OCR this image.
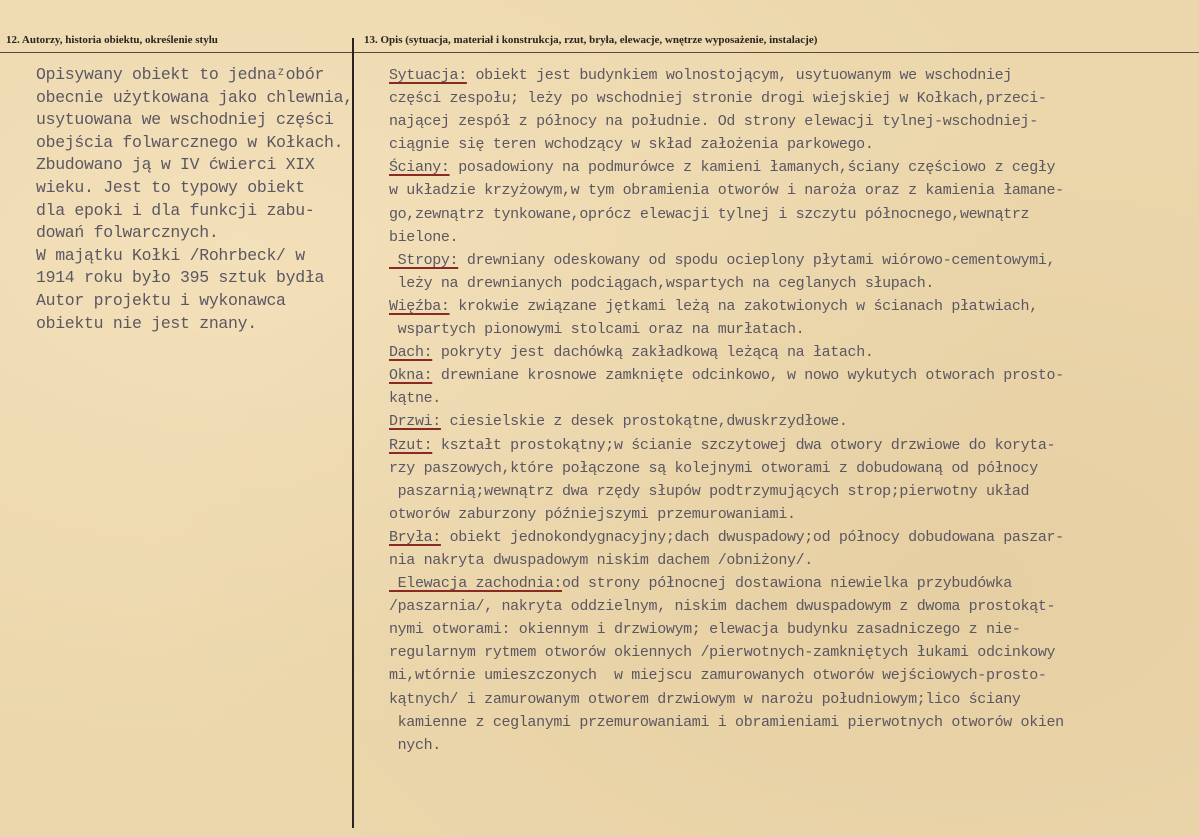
12. Autorzy, historia obiektu, określenie stylu	13. Opis (sytuacja, materiał i konstrukcja, rzut, bryła, elewacje, wnętrze wyposażenie, instalacje)
Opisywany obiekt to jednaᶻobór
obecnie użytkowana jako chlewnia,
usytuowana we wschodniej części
obejścia folwarcznego w Kołkach.
Zbudowano ją w IV ćwierci XIX
wieku. Jest to typowy obiekt
dla epoki i dla funkcji zabu-
dowań folwarcznych.
W majątku Kołki /Rohrbeck/ w
1914 roku było 395 sztuk bydła
Autor projektu i wykonawca
obiektu nie jest znany.
Sytuacja: obiekt jest budynkiem wolnostojącym, usytuowanym we wschodniej
części zespołu; leży po wschodniej stronie drogi wiejskiej w Kołkach,przeci-
nającej zespół z północy na południe. Od strony elewacji tylnej-wschodniej-
ciągnie się teren wchodzący w skład założenia parkowego.
Ściany: posadowiony na podmurówce z kamieni łamanych,ściany częściowo z cegły
w układzie krzyżowym,w tym obramienia otworów i naroża oraz z kamienia łamane-
go,zewnątrz tynkowane,oprócz elewacji tylnej i szczytu północnego,wewnątrz
bielone.
Stropy: drewniany odeskowany od spodu ocieplony płytami wiórowo-cementowymi,
leży na drewnianych podciągach,wspartych na ceglanych słupach.
Więźba: krokwie związane jętkami leżą na zakotwionych w ścianach płatwiach,
wspartych pionowymi stolcami oraz na murłatach.
Dach: pokryty jest dachówką zakładkową leżącą na łatach.
Okna: drewniane krosnowe zamknięte odcinkowo, w nowo wykutych otworach prosto-
kątne.
Drzwi: ciesielskie z desek prostokątne,dwuskrzydłowe.
Rzut: kształt prostokątny;w ścianie szczytowej dwa otwory drzwiowe do koryta-
rzy paszowych,które połączone są kolejnymi otworami z dobudowaną od północy
paszarnią;wewnątrz dwa rzędy słupów podtrzymujących strop;pierwotny układ
otworów zaburzony późniejszymi przemurowaniami.
Bryła: obiekt jednokondygnacyjny;dach dwuspadowy;od północy dobudowana paszar-
nia nakryta dwuspadowym niskim dachem /obniżony/.
Elewacja zachodnia:od strony północnej dostawiona niewielka przybudówka
/paszarnia/, nakryta oddzielnym, niskim dachem dwuspadowym z dwoma prostokąt-
nymi otworami: okiennym i drzwiowym; elewacja budynku zasadniczego z nie-
regularnym rytmem otworów okiennych /pierwotnych-zamkniętych łukami odcinkowy
mi,wtórnie umieszczonych  w miejscu zamurowanych otworów wejściowych-prosto-
kątnych/ i zamurowanym otworem drzwiowym w narożu południowym;lico ściany
kamienne z ceglanymi przemurowaniami i obramieniami pierwotnych otworów okien
nych.
